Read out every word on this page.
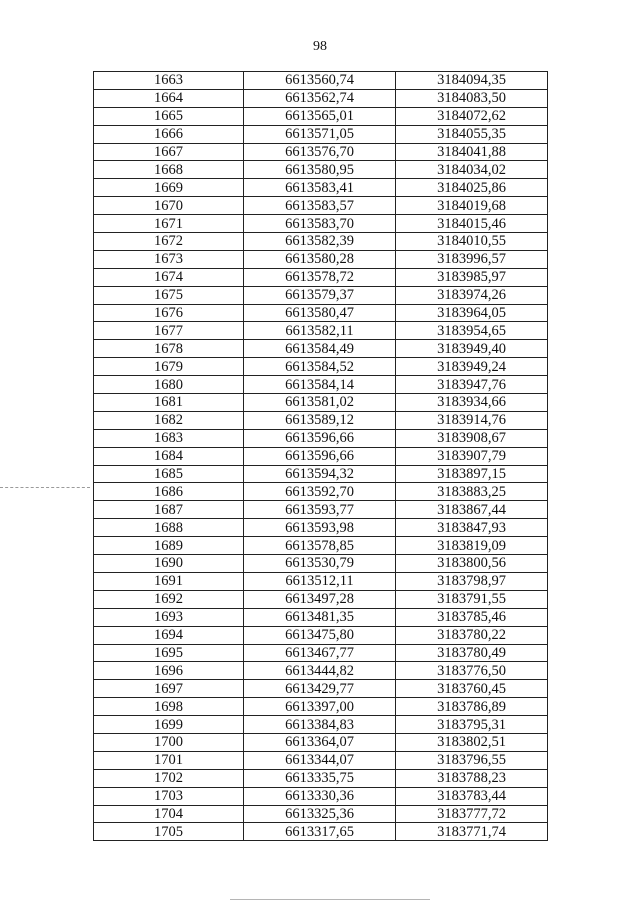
98
1663	6613560,74	3184094,35
1664	6613562,74	3184083,50
1665	6613565,01	3184072,62
1666	6613571,05	3184055,35
1667	6613576,70	3184041,88
1668	6613580,95	3184034,02
1669	6613583,41	3184025,86
1670	6613583,57	3184019,68
1671	6613583,70	3184015,46
1672	6613582,39	3184010,55
1673	6613580,28	3183996,57
1674	6613578,72	3183985,97
1675	6613579,37	3183974,26
1676	6613580,47	3183964,05
1677	6613582,11	3183954,65
1678	6613584,49	3183949,40
1679	6613584,52	3183949,24
1680	6613584,14	3183947,76
1681	6613581,02	3183934,66
1682	6613589,12	3183914,76
1683	6613596,66	3183908,67
1684	6613596,66	3183907,79
1685	6613594,32	3183897,15
1686	6613592,70	3183883,25
1687	6613593,77	3183867,44
1688	6613593,98	3183847,93
1689	6613578,85	3183819,09
1690	6613530,79	3183800,56
1691	6613512,11	3183798,97
1692	6613497,28	3183791,55
1693	6613481,35	3183785,46
1694	6613475,80	3183780,22
1695	6613467,77	3183780,49
1696	6613444,82	3183776,50
1697	6613429,77	3183760,45
1698	6613397,00	3183786,89
1699	6613384,83	3183795,31
1700	6613364,07	3183802,51
1701	6613344,07	3183796,55
1702	6613335,75	3183788,23
1703	6613330,36	3183783,44
1704	6613325,36	3183777,72
1705	6613317,65	3183771,74
